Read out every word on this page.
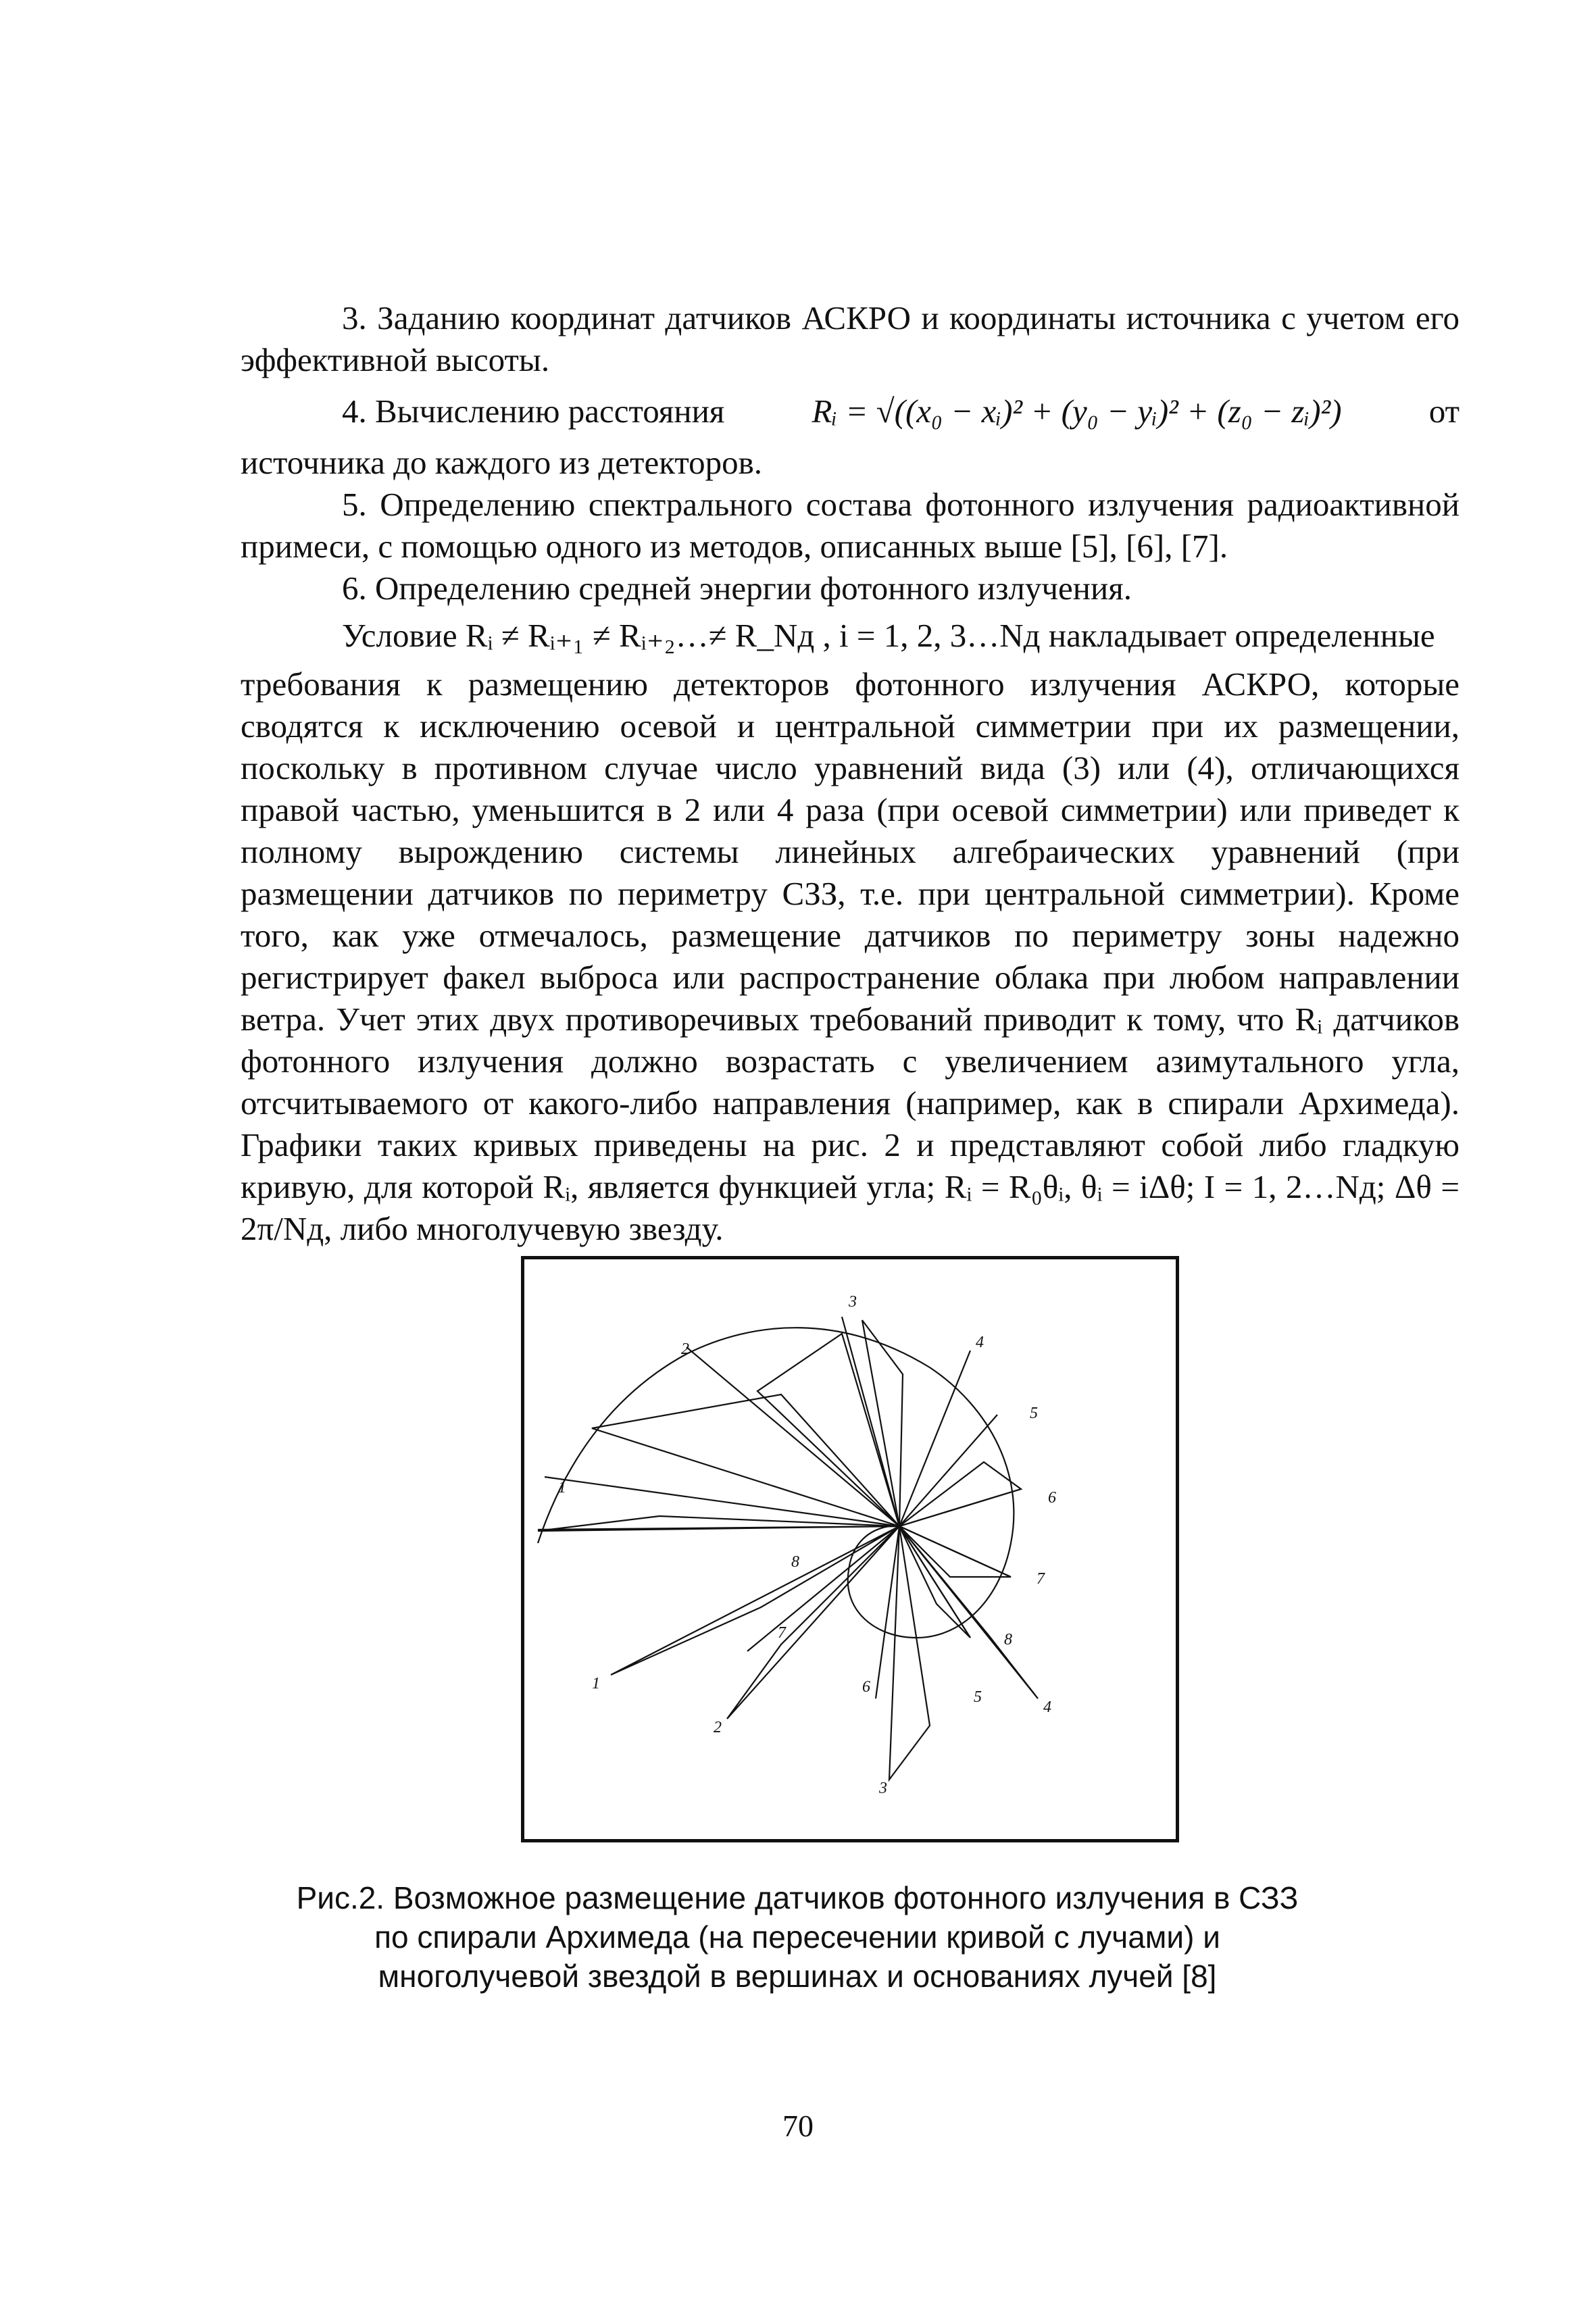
3. Заданию координат датчиков АСКРО и координаты источника с учетом его эффективной высоты.

4. Вычислению расстояния	Rᵢ = √((x₀ − xᵢ)² + (y₀ − yᵢ)² + (z₀ − zᵢ)²)	от

источника до каждого из детекторов.

5. Определению спектрального состава фотонного излучения радиоактивной примеси, с помощью одного из методов, описанных выше [5], [6], [7].

6. Определению средней энергии фотонного излучения.

Условие Rᵢ ≠ Rᵢ₊₁ ≠ Rᵢ₊₂…≠ R_Nд , i = 1, 2, 3…Nд накладывает определенные

требования к размещению детекторов фотонного излучения АСКРО, которые сводятся к исключению осевой и центральной симметрии при их размещении, поскольку в противном случае число уравнений вида (3) или (4), отличающихся правой частью, уменьшится в 2 или 4 раза (при осевой симметрии) или приведет к полному вырождению системы линейных алгебраических уравнений (при размещении датчиков по периметру СЗЗ, т.е. при центральной симметрии). Кроме того, как уже отмечалось, размещение датчиков по периметру зоны надежно регистрирует факел выброса или распространение облака при любом направлении ветра. Учет этих двух противоречивых требований приводит к тому, что Rᵢ датчиков фотонного излучения должно возрастать с увеличением азимутального угла, отсчитываемого от какого-либо направления (например, как в спирали Архимеда). Графики таких кривых приведены на рис. 2 и представляют собой либо гладкую кривую, для которой Rᵢ, является функцией угла; Rᵢ = R₀θᵢ, θᵢ = iΔθ; I = 1, 2…Nд; Δθ = 2π/Nд, либо многолучевую звезду.

2
1
3
4
5
6
7
8
1
2
3
4
5
6
7
8
Рис.2. Возможное размещение датчиков фотонного излучения в СЗЗ по спирали Архимеда (на пересечении кривой с лучами) и многолучевой звездой в вершинах и основаниях лучей [8]
70
